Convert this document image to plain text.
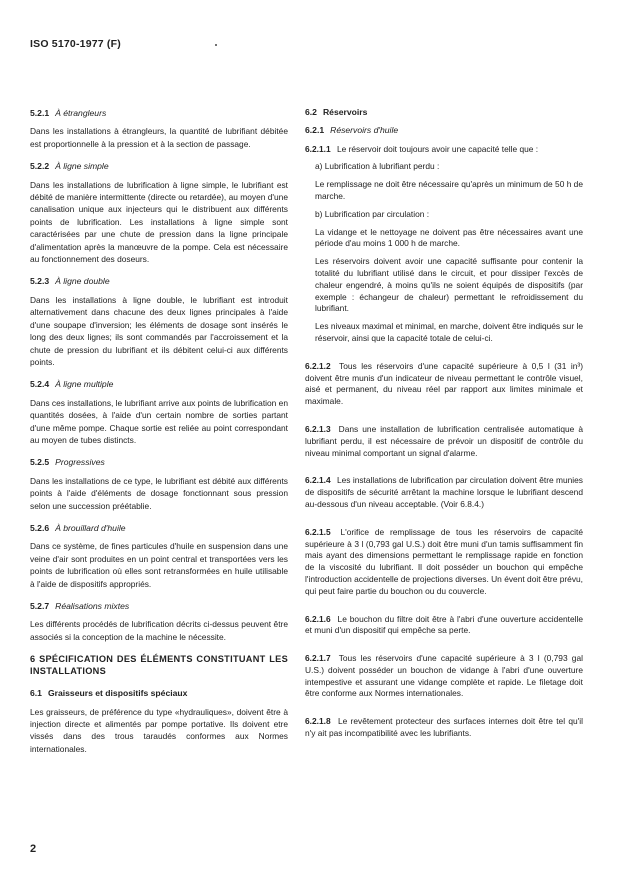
ISO 5170-1977 (F)
5.2.1 À étrangleurs
Dans les installations à étrangleurs, la quantité de lubrifiant débitée est proportionnelle à la pression et à la section de passage.
5.2.2 À ligne simple
Dans les installations de lubrification à ligne simple, le lubrifiant est débité de manière intermittente (directe ou retardée), au moyen d'une canalisation unique aux injecteurs qui le distribuent aux différents points de lubrification. Les installations à ligne simple sont caractérisées par une chute de pression dans la ligne principale d'alimentation après la manœuvre de la pompe. Cela est nécessaire au fonctionnement des doseurs.
5.2.3 À ligne double
Dans les installations à ligne double, le lubrifiant est introduit alternativement dans chacune des deux lignes principales à l'aide d'une soupape d'inversion; les éléments de dosage sont insérés le long des deux lignes; ils sont commandés par l'accroissement et la chute de pression du lubrifiant et ils débitent celui-ci aux différents points.
5.2.4 À ligne multiple
Dans ces installations, le lubrifiant arrive aux points de lubrification en quantités dosées, à l'aide d'un certain nombre de sorties partant d'une même pompe. Chaque sortie est reliée au point correspondant au moyen de tubes distincts.
5.2.5 Progressives
Dans les installations de ce type, le lubrifiant est débité aux différents points à l'aide d'éléments de dosage fonctionnant sous pression selon une succession préétablie.
5.2.6 À brouillard d'huile
Dans ce système, de fines particules d'huile en suspension dans une veine d'air sont produites en un point central et transportées vers les points de lubrification où elles sont retransformées en huile utilisable à l'aide de dispositifs appropriés.
5.2.7 Réalisations mixtes
Les différents procédés de lubrification décrits ci-dessus peuvent être associés si la conception de la machine le nécessite.
6 SPÉCIFICATION DES ÉLÉMENTS CONSTITUANT LES INSTALLATIONS
6.1 Graisseurs et dispositifs spéciaux
Les graisseurs, de préférence du type «hydrauliques», doivent être à injection directe et alimentés par pompe portative. Ils doivent etre vissés dans des trous taraudés conformes aux Normes internationales.
6.2 Réservoirs
6.2.1 Réservoirs d'huile
6.2.1.1 Le réservoir doit toujours avoir une capacité telle que :
a) Lubrification à lubrifiant perdu :
Le remplissage ne doit être nécessaire qu'après un minimum de 50 h de marche.
b) Lubrification par circulation :
La vidange et le nettoyage ne doivent pas être nécessaires avant une période d'au moins 1 000 h de marche.
Les réservoirs doivent avoir une capacité suffisante pour contenir la totalité du lubrifiant utilisé dans le circuit, et pour dissiper l'excès de chaleur engendré, à moins qu'ils ne soient équipés de dispositifs (par exemple : échangeur de chaleur) permettant le refroidissement du lubrifiant.
Les niveaux maximal et minimal, en marche, doivent être indiqués sur le réservoir, ainsi que la capacité totale de celui-ci.
6.2.1.2 Tous les réservoirs d'une capacité supérieure à 0,5 l (31 in³) doivent être munis d'un indicateur de niveau permettant le contrôle visuel, aisé et permanent, du niveau réel par rapport aux limites minimale et maximale.
6.2.1.3 Dans une installation de lubrification centralisée automatique à lubrifiant perdu, il est nécessaire de prévoir un dispositif de contrôle du niveau minimal comportant un signal d'alarme.
6.2.1.4 Les installations de lubrification par circulation doivent être munies de dispositifs de sécurité arrêtant la machine lorsque le lubrifiant descend au-dessous d'un niveau acceptable. (Voir 6.8.4.)
6.2.1.5 L'orifice de remplissage de tous les réservoirs de capacité supérieure à 3 l (0,793 gal U.S.) doit être muni d'un tamis suffisamment fin mais ayant des dimensions permettant le remplissage rapide en fonction de la viscosité du lubrifiant. Il doit posséder un bouchon qui empêche l'introduction accidentelle de projections diverses. Un évent doit être prévu, qui peut faire partie du bouchon ou du couvercle.
6.2.1.6 Le bouchon du filtre doit être à l'abri d'une ouverture accidentelle et muni d'un dispositif qui empêche sa perte.
6.2.1.7 Tous les réservoirs d'une capacité supérieure à 3 l (0,793 gal U.S.) doivent posséder un bouchon de vidange à l'abri d'une ouverture intempestive et assurant une vidange complète et rapide. Le filetage doit être conforme aux Normes internationales.
6.2.1.8 Le revêtement protecteur des surfaces internes doit être tel qu'il n'y ait pas incompatibilité avec les lubrifiants.
2
